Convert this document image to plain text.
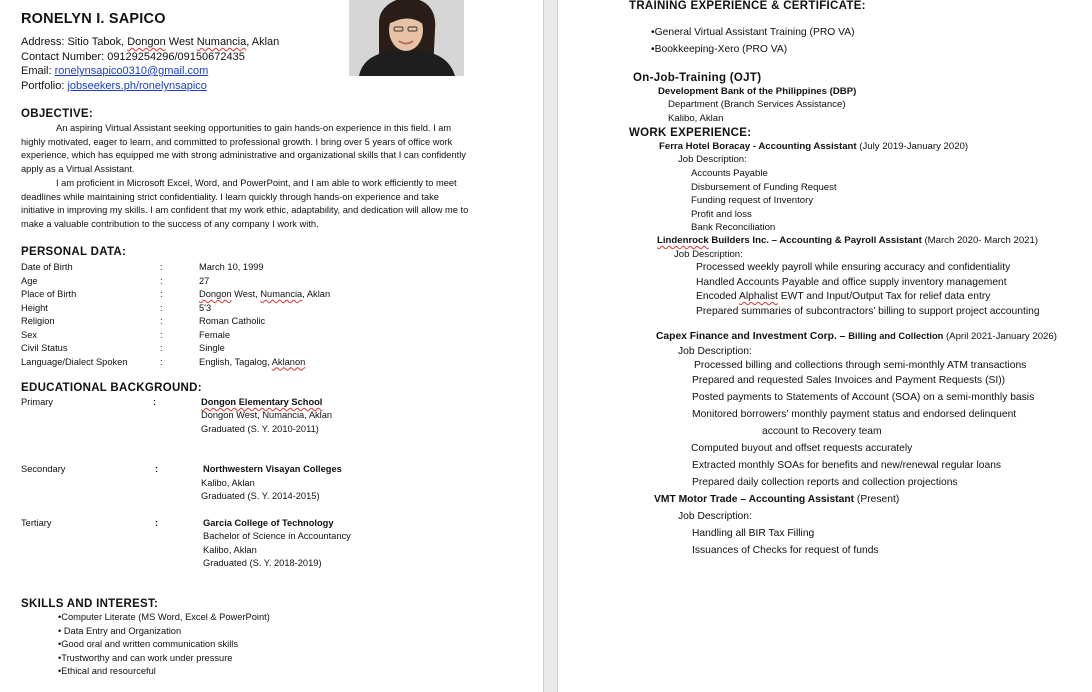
RONELYN I. SAPICO
Address: Sitio Tabok, Dongon West Numancia, Aklan
Contact Number: 09129254296/09150672435
Email: ronelynsapico0310@gmail.com
Portfolio: jobseekers.ph/ronelynsapico
OBJECTIVE:
An aspiring Virtual Assistant seeking opportunities to gain hands-on experience in this field. I am highly motivated, eager to learn, and committed to professional growth. I bring over 5 years of office work experience, which has equipped me with strong administrative and organizational skills that I can confidently apply as a Virtual Assistant.
I am proficient in Microsoft Excel, Word, and PowerPoint, and I am able to work efficiently to meet deadlines while maintaining strict confidentiality. I learn quickly through hands-on experience and take initiative in improving my skills. I am confident that my work ethic, adaptability, and dedication will allow me to make a valuable contribution to the success of any company I work with.
PERSONAL DATA:
Date of Birth	:	March 10, 1999
Age	:	27
Place of Birth	:	Dongon West, Numancia, Aklan
Height	:	5'3
Religion	:	Roman Catholic
Sex	:	Female
Civil Status	:	Single
Language/Dialect Spoken	:	English, Tagalog, Aklanon
EDUCATIONAL BACKGROUND:
Primary	:	Dongon Elementary School
Dongon West, Numancia, Aklan
Graduated (S. Y. 2010-2011)
Secondary	:	Northwestern Visayan Colleges
Kalibo, Aklan
Graduated (S. Y. 2014-2015)
Tertiary	:	Garcia College of Technology
Bachelor of Science in Accountancy
Kalibo, Aklan
Graduated (S. Y. 2018-2019)
SKILLS AND INTEREST:
•Computer Literate (MS Word, Excel & PowerPoint)
• Data Entry and Organization
•Good oral and written communication skills
•Trustworthy and can work under pressure
•Ethical and resourceful
TRAINING EXPERIENCE & CERTIFICATE:
•General Virtual Assistant Training (PRO VA)
•Bookkeeping-Xero (PRO VA)
On-Job-Training (OJT)
Development Bank of the Philippines (DBP)
Department (Branch Services Assistance)
Kalibo, Aklan
WORK EXPERIENCE:
Ferra Hotel Boracay - Accounting Assistant (July 2019-January 2020)
Job Description:
Accounts Payable
Disbursement of Funding Request
Funding request of Inventory
Profit and loss
Bank Reconciliation
Lindenrock Builders Inc. – Accounting & Payroll Assistant (March 2020- March 2021)
Job Description:
Processed weekly payroll while ensuring accuracy and confidentiality
Handled Accounts Payable and office supply inventory management
Encoded Alphalist EWT and Input/Output Tax for relief data entry
Prepared summaries of subcontractors’ billing to support project accounting
Capex Finance and Investment Corp. – Billing and Collection (April 2021-January 2026)
Job Description:
Processed billing and collections through semi-monthly ATM transactions
Prepared and requested Sales Invoices and Payment Requests (SI))
Posted payments to Statements of Account (SOA) on a semi-monthly basis
Monitored borrowers’ monthly payment status and endorsed delinquent
account to Recovery team
Computed buyout and offset requests accurately
Extracted monthly SOAs for benefits and new/renewal regular loans
Prepared daily collection reports and collection projections
VMT Motor Trade – Accounting Assistant (Present)
Job Description:
Handling all BIR Tax Filling
Issuances of Checks for request of funds
